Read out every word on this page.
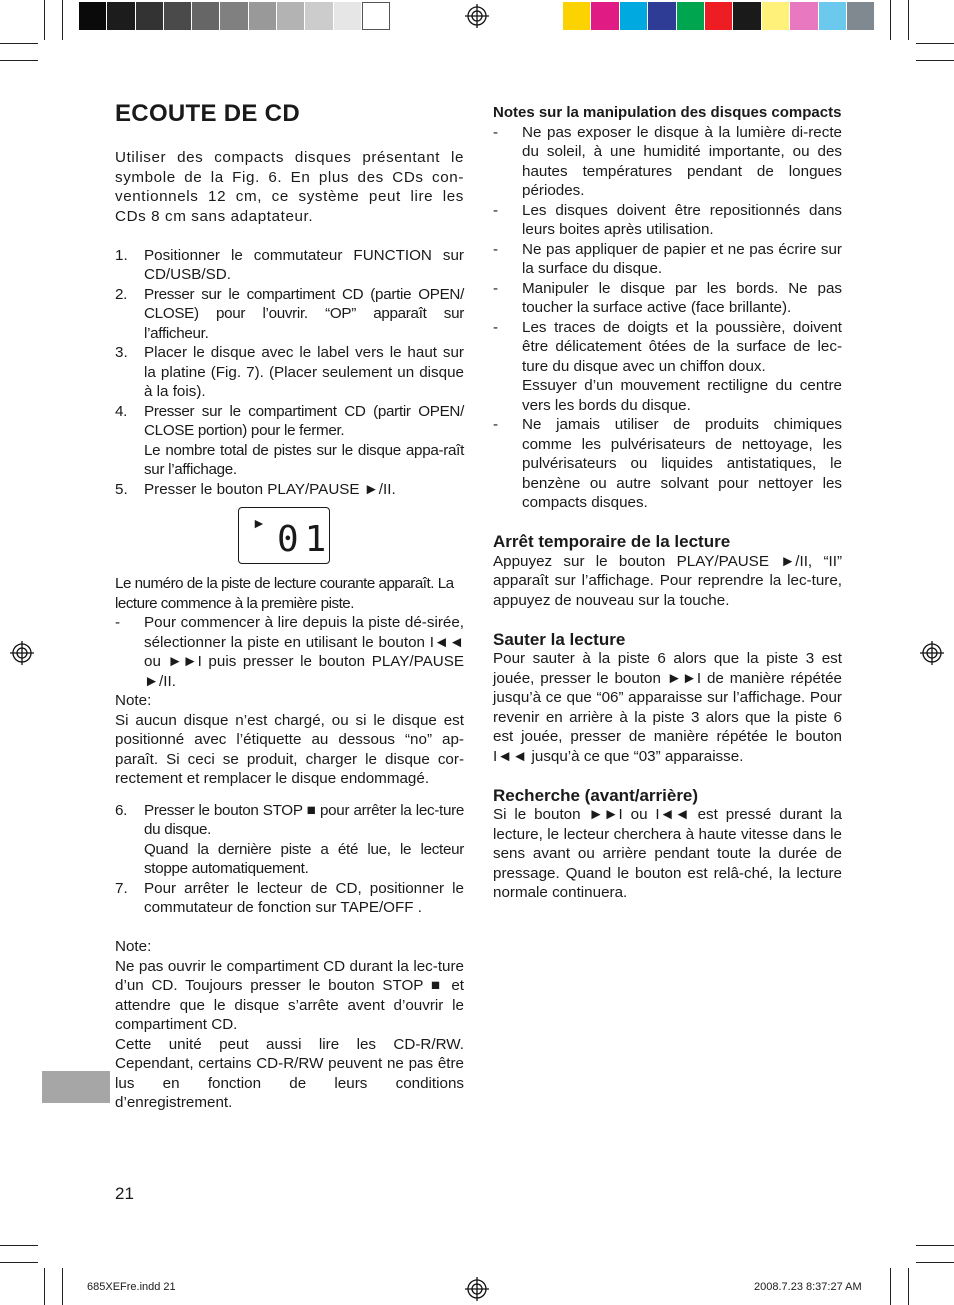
ECOUTE DE CD

Utiliser des compacts disques présentant le symbole de la Fig. 6. En plus des CDs con-ventionnels 12 cm, ce système peut lire les CDs 8 cm sans adaptateur.

1. Positionner le commutateur FUNCTION sur CD/USB/SD.
2. Presser sur le compartiment CD (partie OPEN/ CLOSE) pour l’ouvrir. “OP” apparaît sur l’afficheur.
3. Placer le disque avec le label vers le haut sur la platine (Fig. 7). (Placer seulement un disque à la fois).
4. Presser sur le compartiment CD (partir OPEN/ CLOSE portion) pour le fermer.
Le nombre total de pistes sur le disque appa-raît sur l’affichage.
5. Presser le bouton PLAY/PAUSE ►/II.
► 01

Le numéro de la piste de lecture courante apparaît. La lecture commence à la première piste.

- Pour commencer à lire depuis la piste dé-sirée, sélectionner la piste en utilisant le bouton I◄◄ ou ►►I puis presser le bouton PLAY/PAUSE ►/II.

Note:

Si aucun disque n’est chargé, ou si le disque est positionné avec l’étiquette au dessous “no” ap-paraît. Si ceci se produit, charger le disque cor-rectement et remplacer le disque endommagé.

6. Presser le bouton STOP ■ pour arrêter la lec-ture du disque.
Quand la dernière piste a été lue, le lecteur stoppe automatiquement.
7. Pour arrêter le lecteur de CD, positionner le commutateur de fonction sur TAPE/OFF .

Note:

Ne pas ouvrir le compartiment CD durant la lec-ture d’un CD. Toujours presser le bouton STOP ■ et attendre que le disque s’arrête avent d’ouvrir le compartiment CD.

Cette unité peut aussi lire les CD-R/RW. Cependant, certains CD-R/RW peuvent ne pas être lus en fonction de leurs conditions d’enregistrement.

Notes sur la manipulation des disques compacts

- Ne pas exposer le disque à la lumière di-recte du soleil, à une humidité importante, ou des hautes températures pendant de longues périodes.
- Les disques doivent être repositionnés dans leurs boites après utilisation.
- Ne pas appliquer de papier et ne pas écrire sur la surface du disque.
- Manipuler le disque par les bords. Ne pas toucher la surface active (face brillante).
- Les traces de doigts et la poussière, doivent être délicatement ôtées de la surface de lec-ture du disque avec un chiffon doux.
Essuyer d’un mouvement rectiligne du centre vers les bords du disque.
- Ne jamais utiliser de produits chimiques comme les pulvérisateurs de nettoyage, les pulvérisateurs ou liquides antistatiques, le benzène ou autre solvant pour nettoyer les compacts disques.

Arrêt temporaire de la lecture

Appuyez sur le bouton PLAY/PAUSE ►/II, “II” apparaît sur l’affichage. Pour reprendre la lec-ture, appuyez de nouveau sur la touche.

Sauter la lecture

Pour sauter à la piste 6 alors que la piste 3 est jouée, presser le bouton ►►I de manière répétée jusqu’à ce que “06” apparaisse sur l’affichage. Pour revenir en arrière à la piste 3 alors que la piste 6 est jouée, presser de manière répétée le bouton I◄◄ jusqu’à ce que “03” apparaisse.

Recherche (avant/arrière)

Si le bouton ►►I ou I◄◄ est pressé durant la lecture, le lecteur cherchera à haute vitesse dans le sens avant ou arrière pendant toute la durée de pressage. Quand le bouton est relâ-ché, la lecture normale continuera.

21
685XEFre.indd 21	2008.7.23 8:37:27 AM
